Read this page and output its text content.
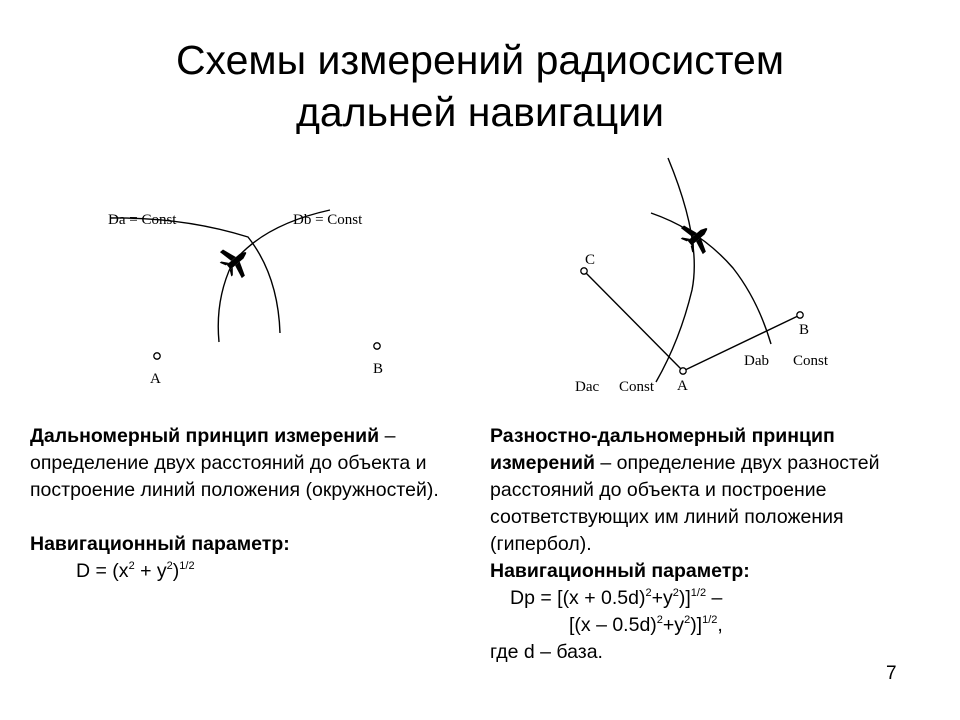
Схемы измерений радиосистем
дальней навигации
Da = Const	Db = Const
A
B
C
B
A
Dab Const
Dac Const

Дальномерный принцип измерений – определение двух расстояний до объекта и построение линий положения (окружностей).

Навигационный параметр:

$D = (x^2 + y^2)^{1/2}$

Разностно-дальномерный принцип измерений – определение двух разностей расстояний до объекта и построение соответствующих им линий положения (гипербол).

Навигационный параметр:

Dр = $[(x + 0.5d)^2+y^2)]^{1/2}$ –

$[(x - 0.5d)^2+y^2)]^{1/2}$,

где d – база.

7
